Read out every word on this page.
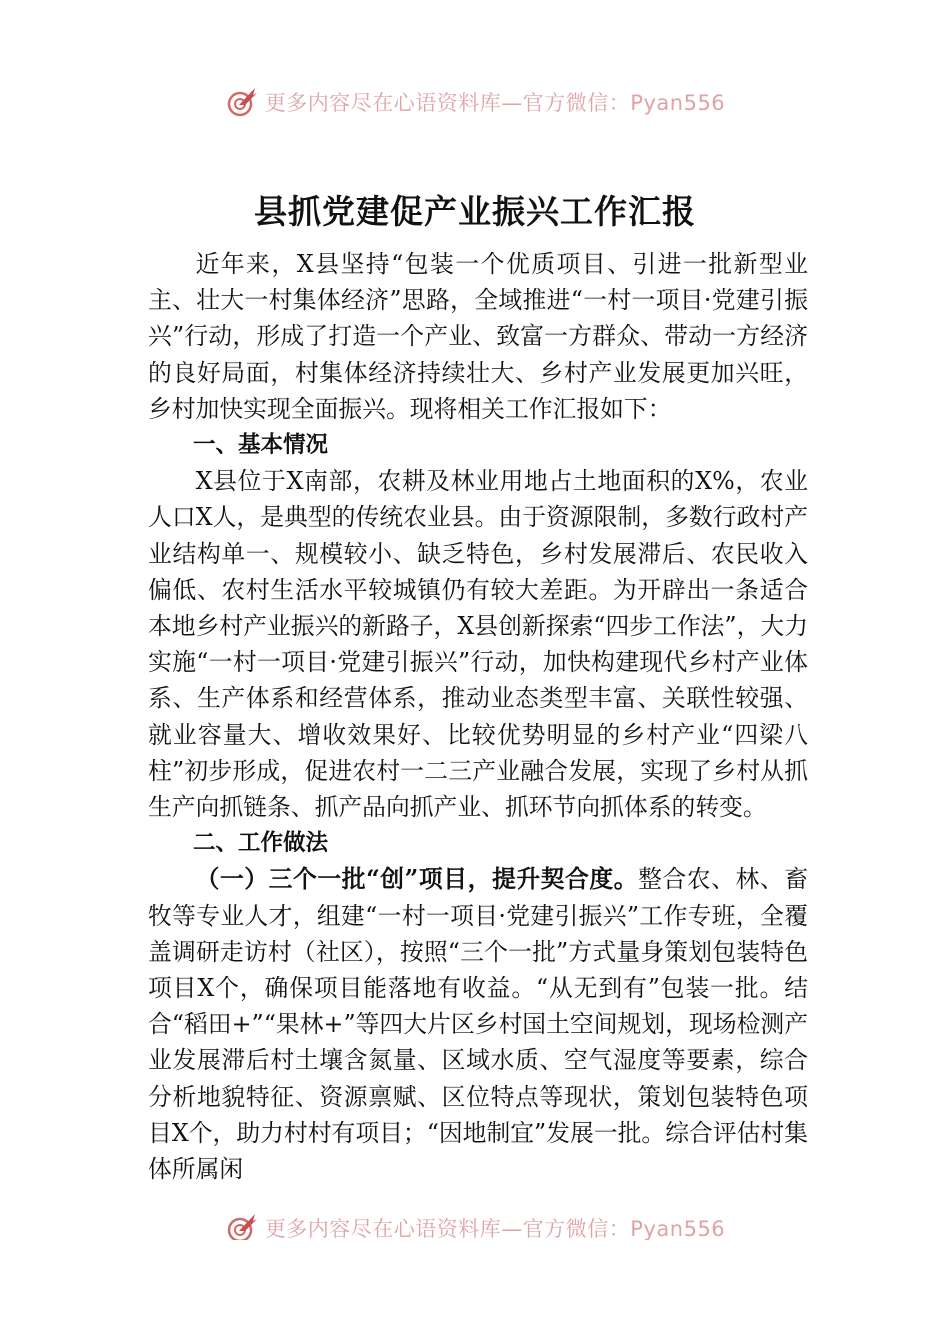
更多内容尽在心语资料库—官方微信：Pyan556
县抓党建促产业振兴工作汇报

近年来，X县坚持“包装一个优质项目、引进一批新型业主、壮大一村集体经济”思路，全域推进“一村一项目·党建引振兴”行动，形成了打造一个产业、致富一方群众、带动一方经济的良好局面，村集体经济持续壮大、乡村产业发展更加兴旺，乡村加快实现全面振兴。现将相关工作汇报如下：

一、基本情况

X县位于X南部，农耕及林业用地占土地面积的X%，农业人口X人，是典型的传统农业县。由于资源限制，多数行政村产业结构单一、规模较小、缺乏特色，乡村发展滞后、农民收入偏低、农村生活水平较城镇仍有较大差距。为开辟出一条适合本地乡村产业振兴的新路子，X县创新探索“四步工作法”，大力实施“一村一项目·党建引振兴”行动，加快构建现代乡村产业体系、生产体系和经营体系，推动业态类型丰富、关联性较强、就业容量大、增收效果好、比较优势明显的乡村产业“四梁八柱”初步形成，促进农村一二三产业融合发展，实现了乡村从抓生产向抓链条、抓产品向抓产业、抓环节向抓体系的转变。

二、工作做法

（一）三个一批“创”项目，提升契合度。整合农、林、畜牧等专业人才，组建“一村一项目·党建引振兴”工作专班，全覆盖调研走访村（社区），按照“三个一批”方式量身策划包装特色项目X个，确保项目能落地有收益。“从无到有”包装一批。结合“稻田+”“果林+”等四大片区乡村国土空间规划，现场检测产业发展滞后村土壤含氮量、区域水质、空气湿度等要素，综合分析地貌特征、资源禀赋、区位特点等现状，策划包装特色项目X个，助力村村有项目；“因地制宜”发展一批。综合评估村集体所属闲

更多内容尽在心语资料库—官方微信：Pyan556
